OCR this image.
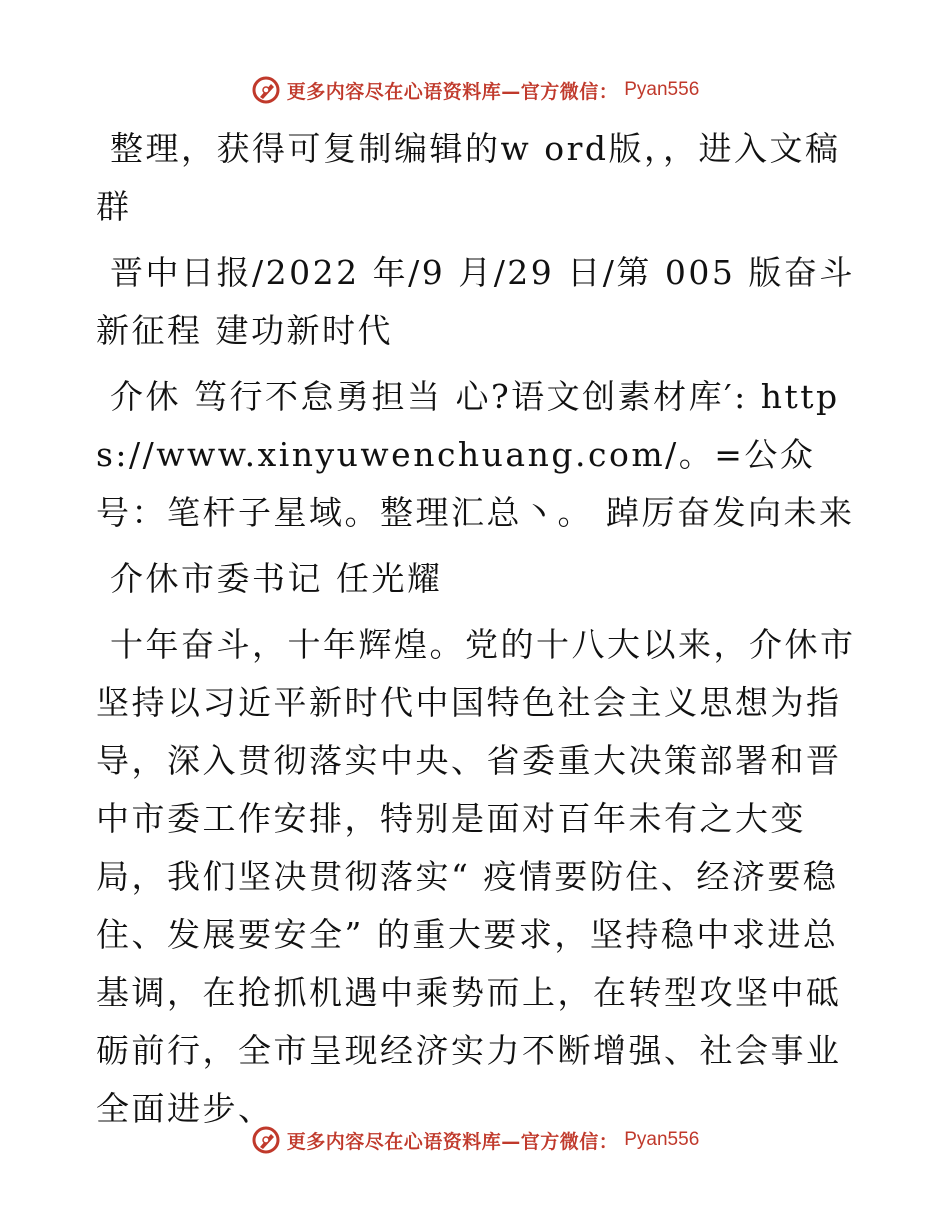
更多内容尽在心语资料库—官方微信： Pyan556

整理，获得可复制编辑的w ord版，，进入文稿群

晋中日报/2022 年/9 月/29 日/第 005 版奋斗新征程 建功新时代

介休 笃行不怠勇担当 心?语文创素材库′: https://www.xinyuwenchuang.com/。=公众号：笔杆子星域。整理汇总丶。 踔厉奋发向未来

介休市委书记 任光耀

十年奋斗，十年辉煌。党的十八大以来，介休市坚持以习近平新时代中国特色社会主义思想为指导，深入贯彻落实中央、省委重大决策部署和晋中市委工作安排，特别是面对百年未有之大变局，我们坚决贯彻落实“ 疫情要防住、经济要稳住、发展要安全” 的重大要求，坚持稳中求进总基调，在抢抓机遇中乘势而上，在转型攻坚中砥砺前行，全市呈现经济实力不断增强、社会事业全面进步、

更多内容尽在心语资料库—官方微信： Pyan556
